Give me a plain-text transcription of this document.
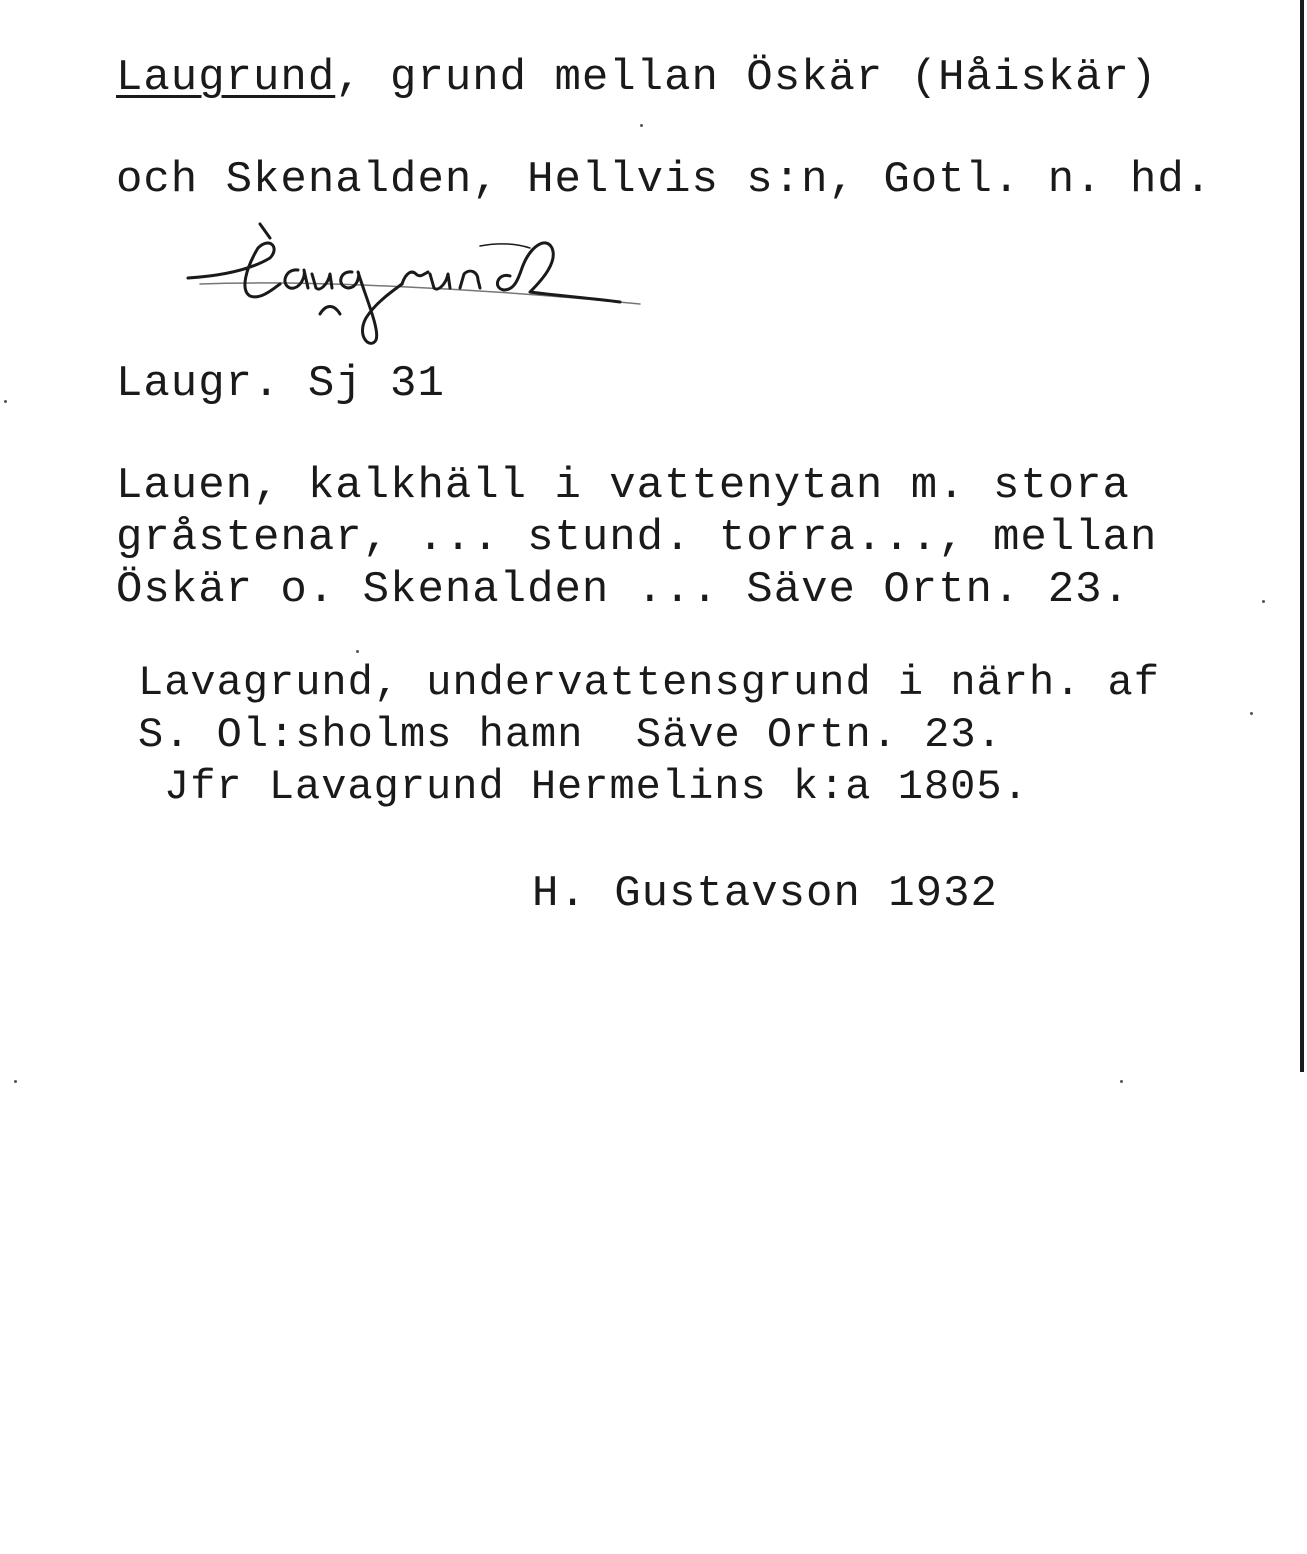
Laugrund, grund mellan Öskär (Håiskär)
och Skenalden, Hellvis s:n, Gotl. n. hd.
Laugr. Sj 31
Lauen, kalkhäll i vattenytan m. stora
gråstenar, ... stund. torra..., mellan
Öskär o. Skenalden ... Säve Ortn. 23.
Lavagrund, undervattensgrund i närh. af
S. Ol:sholms hamn  Säve Ortn. 23.
Jfr Lavagrund Hermelins k:a 1805.
H. Gustavson 1932
